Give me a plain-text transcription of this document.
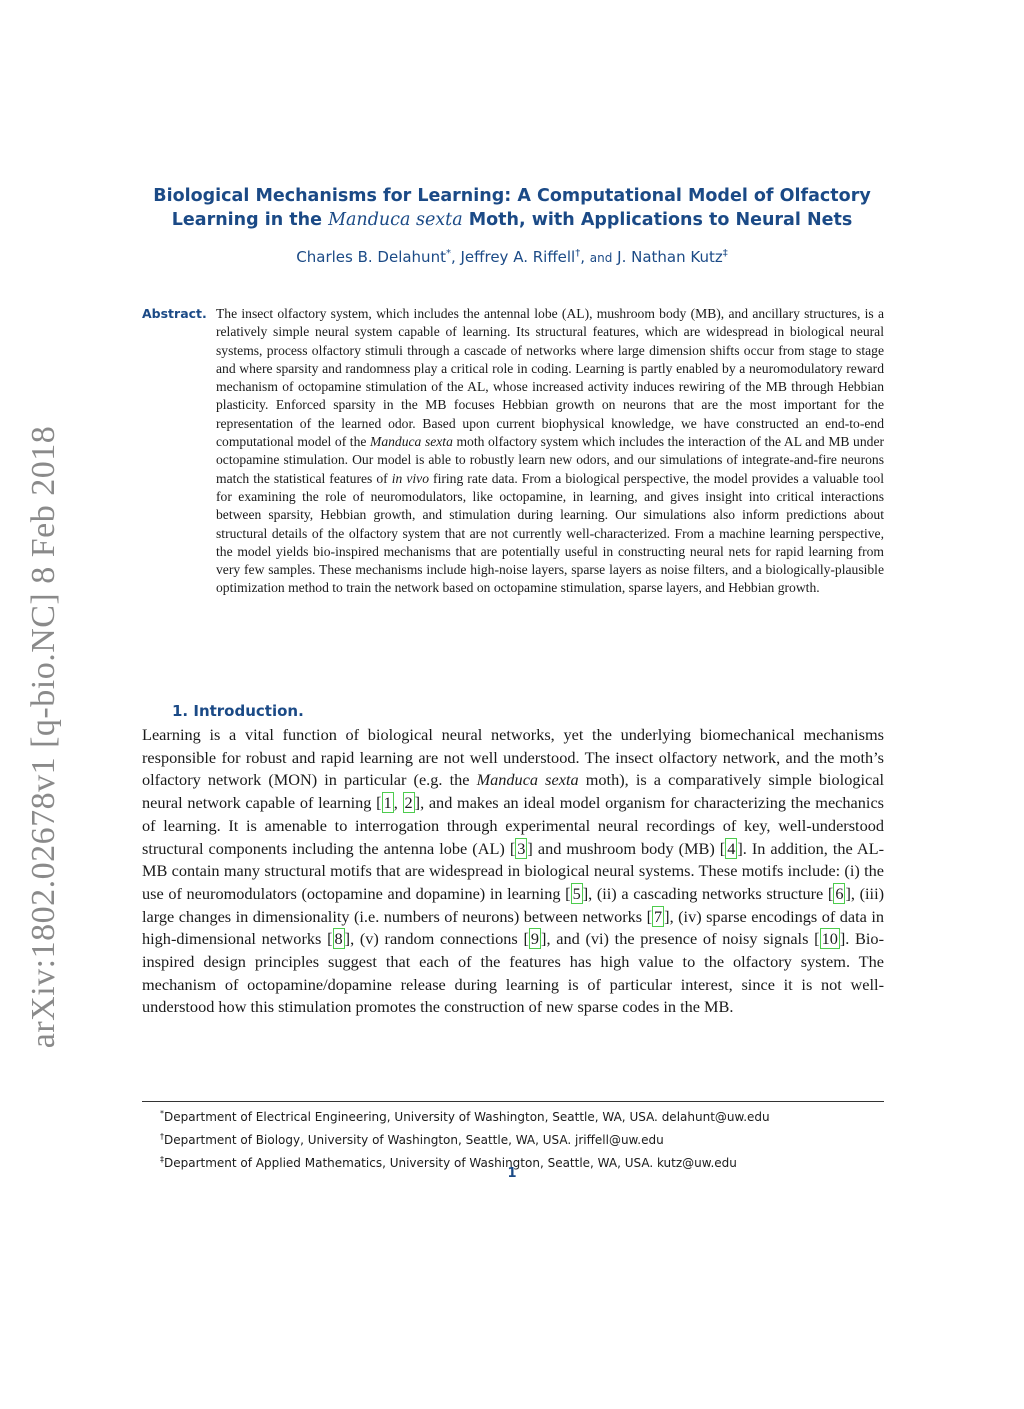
arXiv:1802.02678v1 [q-bio.NC] 8 Feb 2018
Biological Mechanisms for Learning: A Computational Model of Olfactory
Learning in the Manduca sexta Moth, with Applications to Neural Nets
Charles B. Delahunt*, Jeffrey A. Riffell†, and J. Nathan Kutz‡
Abstract. The insect olfactory system, which includes the antennal lobe (AL), mushroom body (MB), and ancillary structures, is a relatively simple neural system capable of learning. Its structural features, which are widespread in biological neural systems, process olfactory stimuli through a cascade of networks where large dimension shifts occur from stage to stage and where sparsity and randomness play a critical role in coding. Learning is partly enabled by a neuromodulatory reward mechanism of octopamine stimulation of the AL, whose increased activity induces rewiring of the MB through Hebbian plasticity. Enforced sparsity in the MB focuses Hebbian growth on neurons that are the most important for the representation of the learned odor. Based upon current biophysical knowledge, we have constructed an end-to-end computational model of the Manduca sexta moth olfactory system which includes the interaction of the AL and MB under octopamine stimulation. Our model is able to robustly learn new odors, and our simulations of integrate-and-fire neurons match the statistical features of in vivo firing rate data. From a biological perspective, the model provides a valuable tool for examining the role of neuromodulators, like octopamine, in learning, and gives insight into critical interactions between sparsity, Hebbian growth, and stimulation during learning. Our simulations also inform predictions about structural details of the olfactory system that are not currently well-characterized. From a machine learning perspective, the model yields bio-inspired mechanisms that are potentially useful in constructing neural nets for rapid learning from very few samples. These mechanisms include high-noise layers, sparse layers as noise filters, and a biologically-plausible optimization method to train the network based on octopamine stimulation, sparse layers, and Hebbian growth.
1. Introduction.
Learning is a vital function of biological neural networks, yet the underlying biomechanical mechanisms responsible for robust and rapid learning are not well understood. The insect olfactory network, and the moth’s olfactory network (MON) in particular (e.g. the Manduca sexta moth), is a comparatively simple biological neural network capable of learning [ 1 , 2 ], and makes an ideal model organism for characterizing the mechanics of learning. It is amenable to interrogation through experimental neural recordings of key, well-understood structural components including the antenna lobe (AL) [ 3 ] and mushroom body (MB) [ 4 ]. In addition, the AL-MB contain many structural motifs that are widespread in biological neural systems. These motifs include: (i) the use of neuromodulators (octopamine and dopamine) in learning [ 5 ], (ii) a cascading networks structure [ 6 ], (iii) large changes in dimensionality (i.e. numbers of neurons) between networks [ 7 ], (iv) sparse encodings of data in high-dimensional networks [ 8 ], (v) random connections [ 9 ], and (vi) the presence of noisy signals [ 10 ]. Bio-inspired design principles suggest that each of the features has high value to the olfactory system. The mechanism of octopamine/dopamine release during learning is of particular interest, since it is not well-understood how this stimulation promotes the construction of new sparse codes in the MB.
*Department of Electrical Engineering, University of Washington, Seattle, WA, USA. delahunt@uw.edu
†Department of Biology, University of Washington, Seattle, WA, USA. jriffell@uw.edu
‡Department of Applied Mathematics, University of Washington, Seattle, WA, USA. kutz@uw.edu
1
